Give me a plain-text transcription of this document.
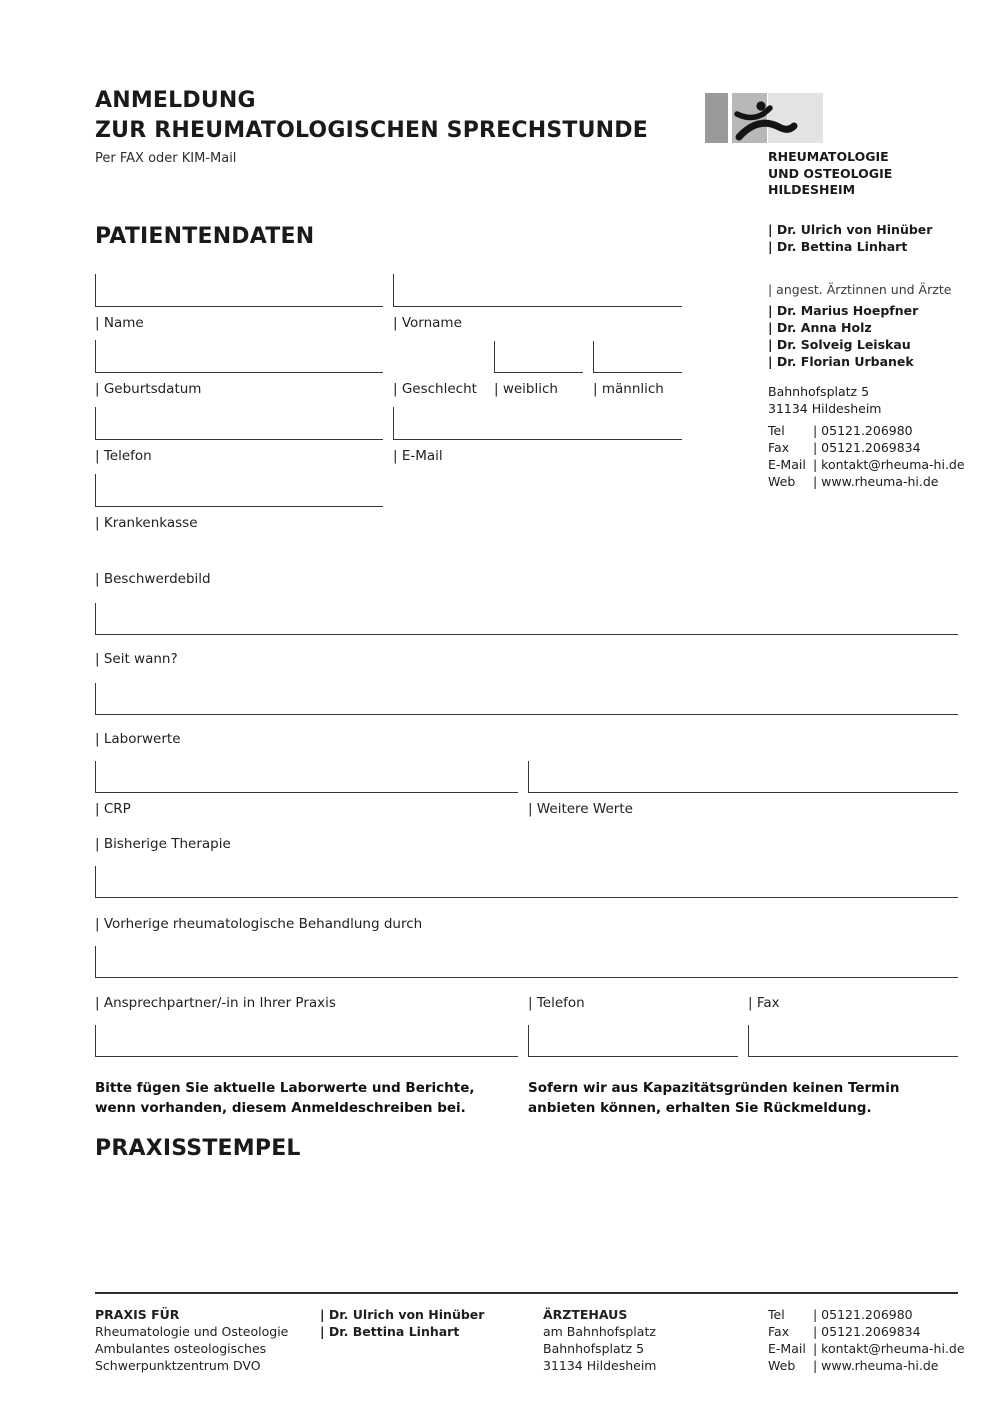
ANMELDUNG
ZUR RHEUMATOLOGISCHEN SPRECHSTUNDE
Per FAX oder KIM-Mail	RHEUMATOLOGIE
UND OSTEOLOGIE
HILDESHEIM
PATIENTENDATEN	| Dr. Ulrich von Hinüber
| Dr. Bettina Linhart
| angest. Ärztinnen und Ärzte
| Dr. Marius Hoepfner
| Dr. Anna Holz
| Dr. Solveig Leiskau
| Dr. Florian Urbanek
Bahnhofsplatz 5
31134 Hildesheim
Tel	| 05121.206980
Fax	| 05121.2069834
E-Mail | kontakt@rheuma-hi.de
Web	| www.rheuma-hi.de
| Name	| Vorname
| Geburtsdatum	| Geschlecht | weiblich	| männlich
| Telefon	| E-Mail
| Krankenkasse
| Beschwerdebild
| Seit wann?
| Laborwerte
| CRP	| Weitere Werte
| Bisherige Therapie
| Vorherige rheumatologische Behandlung durch
| Ansprechpartner/-in in Ihrer Praxis	| Telefon	| Fax
Bitte fügen Sie aktuelle Laborwerte und Berichte,
wenn vorhanden, diesem Anmeldeschreiben bei.
Sofern wir aus Kapazitätsgründen keinen Termin
anbieten können, erhalten Sie Rückmeldung.
PRAXISSTEMPEL
PRAXIS FÜR
Rheumatologie und Osteologie
Ambulantes osteologisches
Schwerpunktzentrum DVO
| Dr. Ulrich von Hinüber
| Dr. Bettina Linhart
ÄRZTEHAUS
am Bahnhofsplatz
Bahnhofsplatz 5
31134 Hildesheim
Tel	| 05121.206980
Fax	| 05121.2069834
E-Mail | kontakt@rheuma-hi.de
Web	| www.rheuma-hi.de
